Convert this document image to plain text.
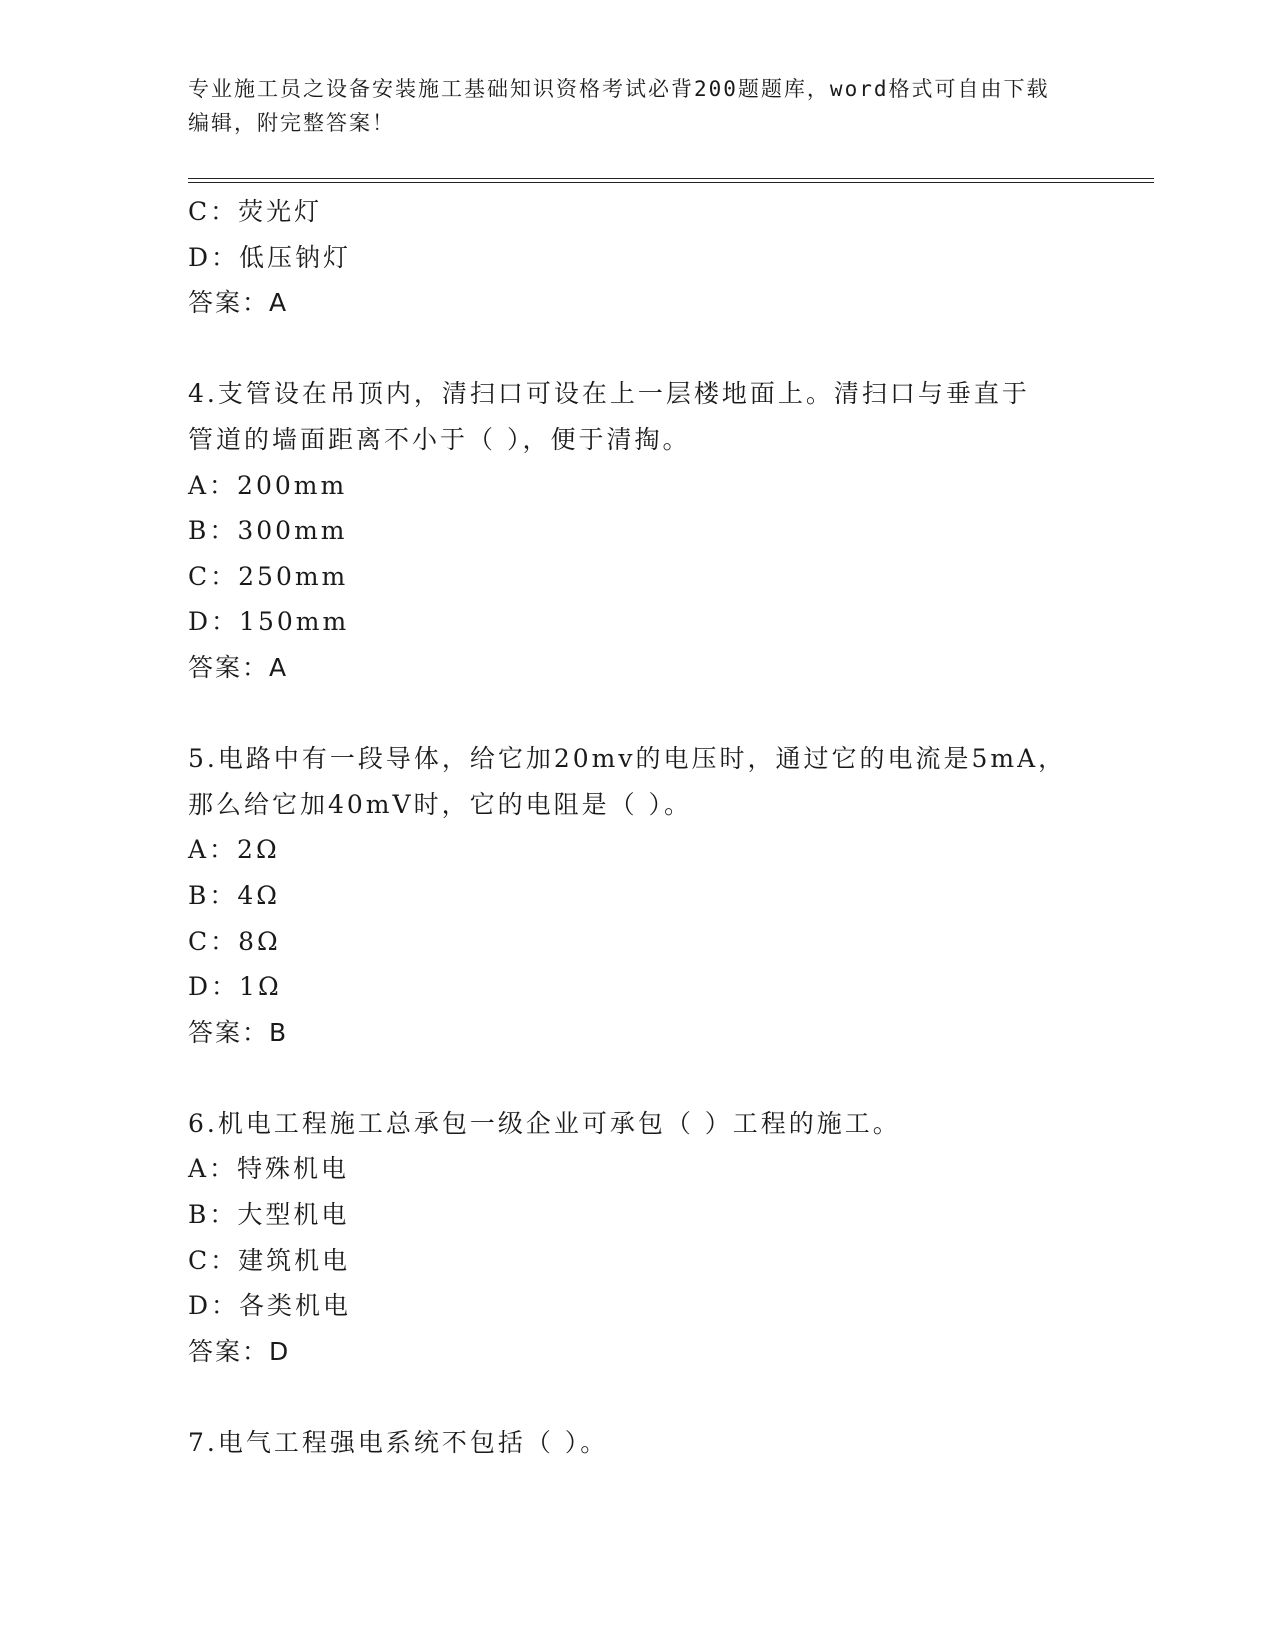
专业施工员之设备安装施工基础知识资格考试必背200题题库，word格式可自由下载编辑，附完整答案！
C：荧光灯
D：低压钠灯
答案：A
4.支管设在吊顶内，清扫口可设在上一层楼地面上。清扫口与垂直于
管道的墙面距离不小于（ ），便于清掏。
A：200mm
B：300mm
C：250mm
D：150mm
答案：A
5.电路中有一段导体，给它加20mv的电压时，通过它的电流是5mA，
那么给它加40mV时，它的电阻是（ ）。
A：2Ω
B：4Ω
C：8Ω
D：1Ω
答案：B
6.机电工程施工总承包一级企业可承包（ ）工程的施工。
A：特殊机电
B：大型机电
C：建筑机电
D：各类机电
答案：D
7.电气工程强电系统不包括（ ）。
